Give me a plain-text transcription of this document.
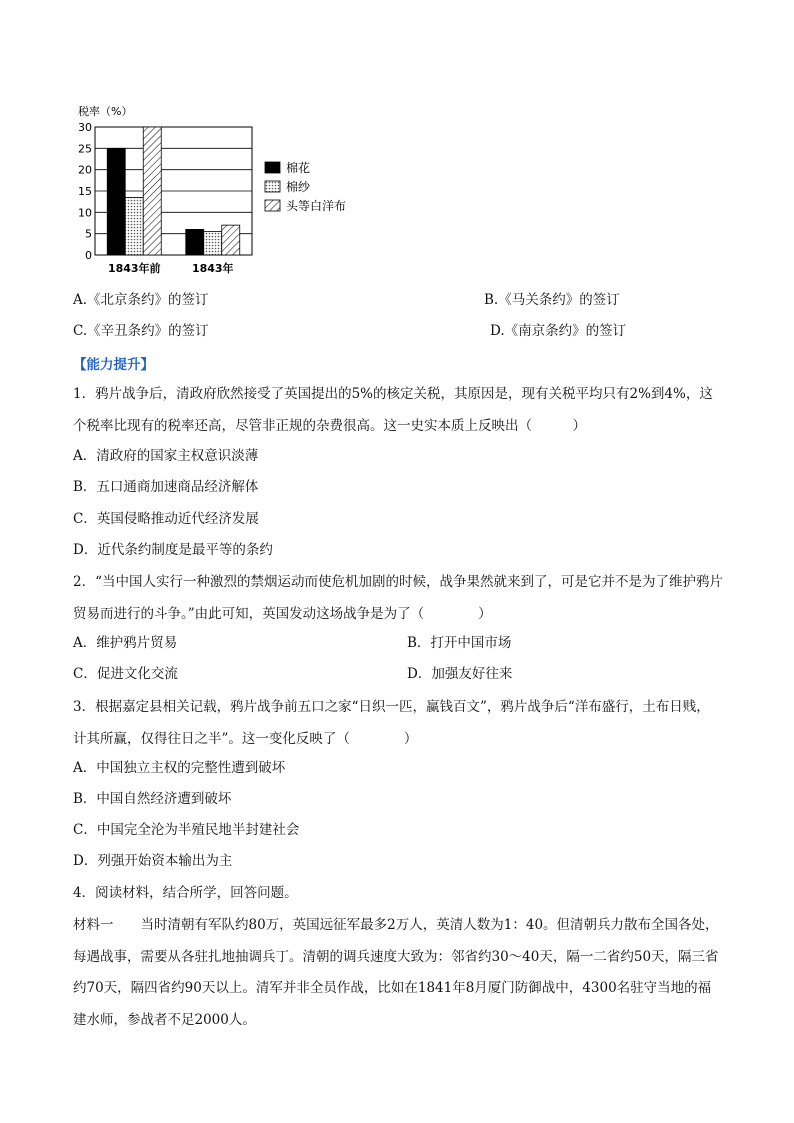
税率（%）
0
5
10
15
20
25
30
1843年前	1843年
棉花
棉纱
头等白洋布
A.《北京条约》的签订	B.《马关条约》的签订
C.《辛丑条约》的签订	D.《南京条约》的签订
【能力提升】
1．鸦片战争后，清政府欣然接受了英国提出的5%的核定关税，其原因是，现有关税平均只有2%到4%，这个税率比现有的税率还高，尽管非正规的杂费很高。这一史实本质上反映出（　　　）
A．清政府的国家主权意识淡薄
B．五口通商加速商品经济解体
C．英国侵略推动近代经济发展
D．近代条约制度是最平等的条约
2．“当中国人实行一种激烈的禁烟运动而使危机加剧的时候，战争果然就来到了，可是它并不是为了维护鸦片贸易而进行的斗争。”由此可知，英国发动这场战争是为了（　　　　）
A．维护鸦片贸易	B．打开中国市场
C．促进文化交流	D．加强友好往来
3．根据嘉定县相关记载，鸦片战争前五口之家“日织一匹，赢钱百文”，鸦片战争后“洋布盛行，土布日贱，计其所赢，仅得往日之半”。这一变化反映了（　　　　）
A．中国独立主权的完整性遭到破坏
B．中国自然经济遭到破坏
C．中国完全沦为半殖民地半封建社会
D．列强开始资本输出为主
4．阅读材料，结合所学，回答问题。
材料一　　当时清朝有军队约80万，英国远征军最多2万人，英清人数为1：40。但清朝兵力散布全国各处，每遇战事，需要从各驻扎地抽调兵丁。清朝的调兵速度大致为：邻省约30～40天，隔一二省约50天，隔三省约70天，隔四省约90天以上。清军并非全员作战，比如在1841年8月厦门防御战中，4300名驻守当地的福建水师，参战者不足2000人。
